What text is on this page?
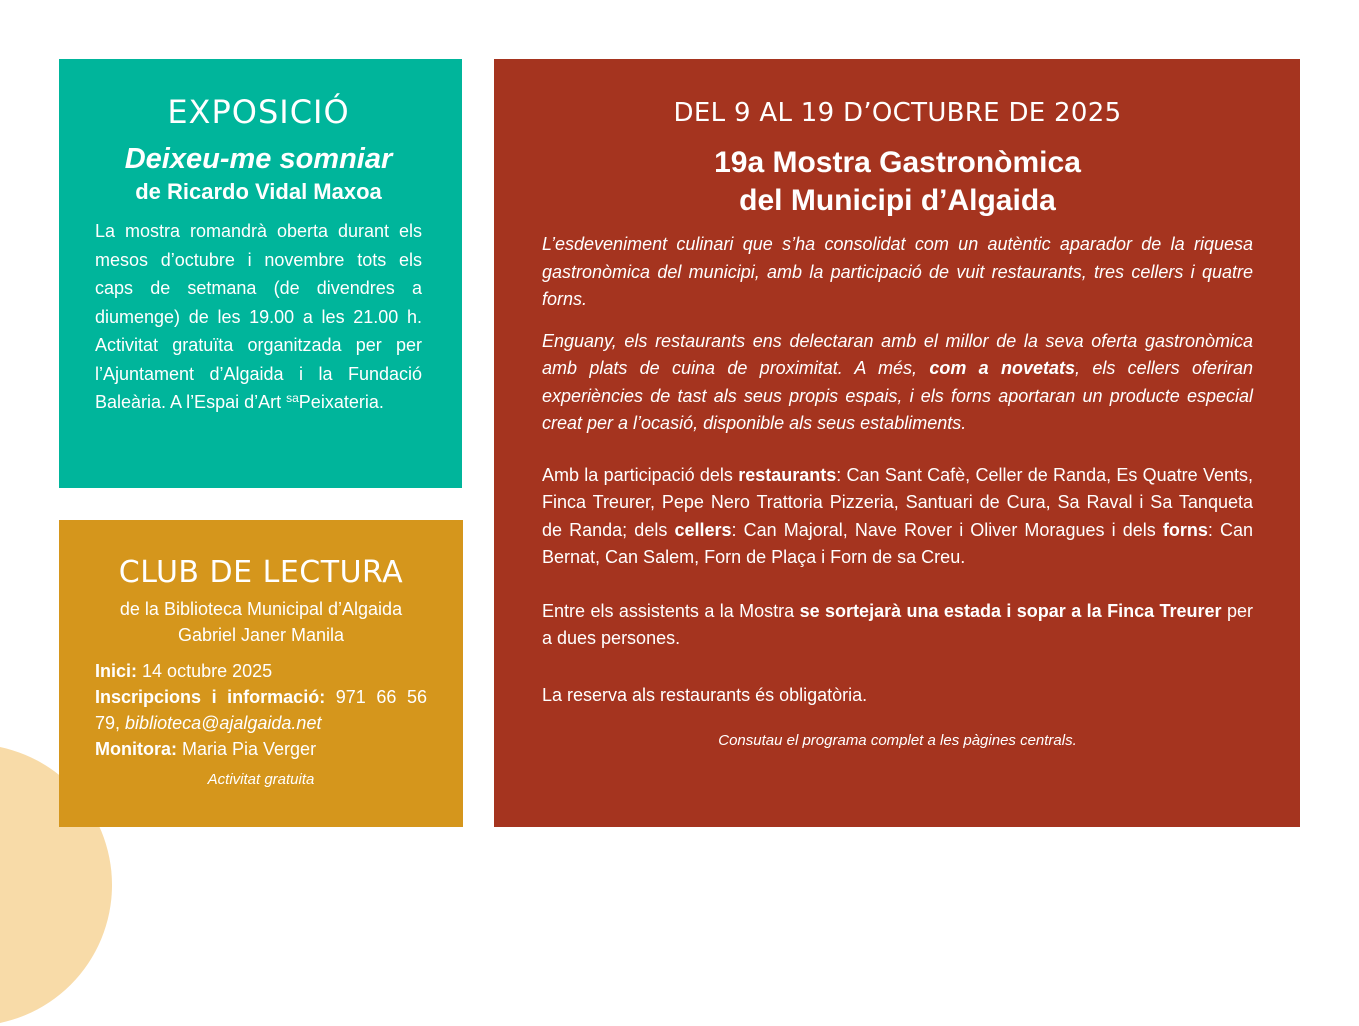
EXPOSICIÓ
Deixeu-me somniar
de Ricardo Vidal Maxoa

La mostra romandrà oberta durant els mesos d’octubre i novembre tots els caps de setmana (de divendres a diumenge) de les 19.00 a les 21.00 h. Activitat gratuïta organitzada per per l’Ajuntament d’Algaida i la Fundació Baleària. A l’Espai d’Art $^{sa}$Peixateria.

CLUB DE LECTURA
de la Biblioteca Municipal d’Algaida
Gabriel Janer Manila
Inici: 14 octubre 2025
Inscripcions i informació: 971 66 56 79, biblioteca@ajalgaida.net
Monitora: Maria Pia Verger
Activitat gratuita
DEL 9 AL 19 D’OCTUBRE DE 2025
19a Mostra Gastronòmica
del Municipi d’Algaida

L’esdeveniment culinari que s’ha consolidat com un autèntic aparador de la riquesa gastronòmica del municipi, amb la participació de vuit restaurants, tres cellers i quatre forns.

Enguany, els restaurants ens delectaran amb el millor de la seva oferta gastronòmica amb plats de cuina de proximitat. A més, com a novetats, els cellers oferiran experiències de tast als seus propis espais, i els forns aportaran un producte especial creat per a l’ocasió, disponible als seus establiments.

Amb la participació dels restaurants: Can Sant Cafè, Celler de Randa, Es Quatre Vents, Finca Treurer, Pepe Nero Trattoria Pizzeria, Santuari de Cura, Sa Raval i Sa Tanqueta de Randa; dels cellers: Can Majoral, Nave Rover i Oliver Moragues i dels forns: Can Bernat, Can Salem, Forn de Plaça i Forn de sa Creu.

Entre els assistents a la Mostra se sortejarà una estada i sopar a la Finca Treurer per a dues persones.

La reserva als restaurants és obligatòria.

Consutau el programa complet a les pàgines centrals.
